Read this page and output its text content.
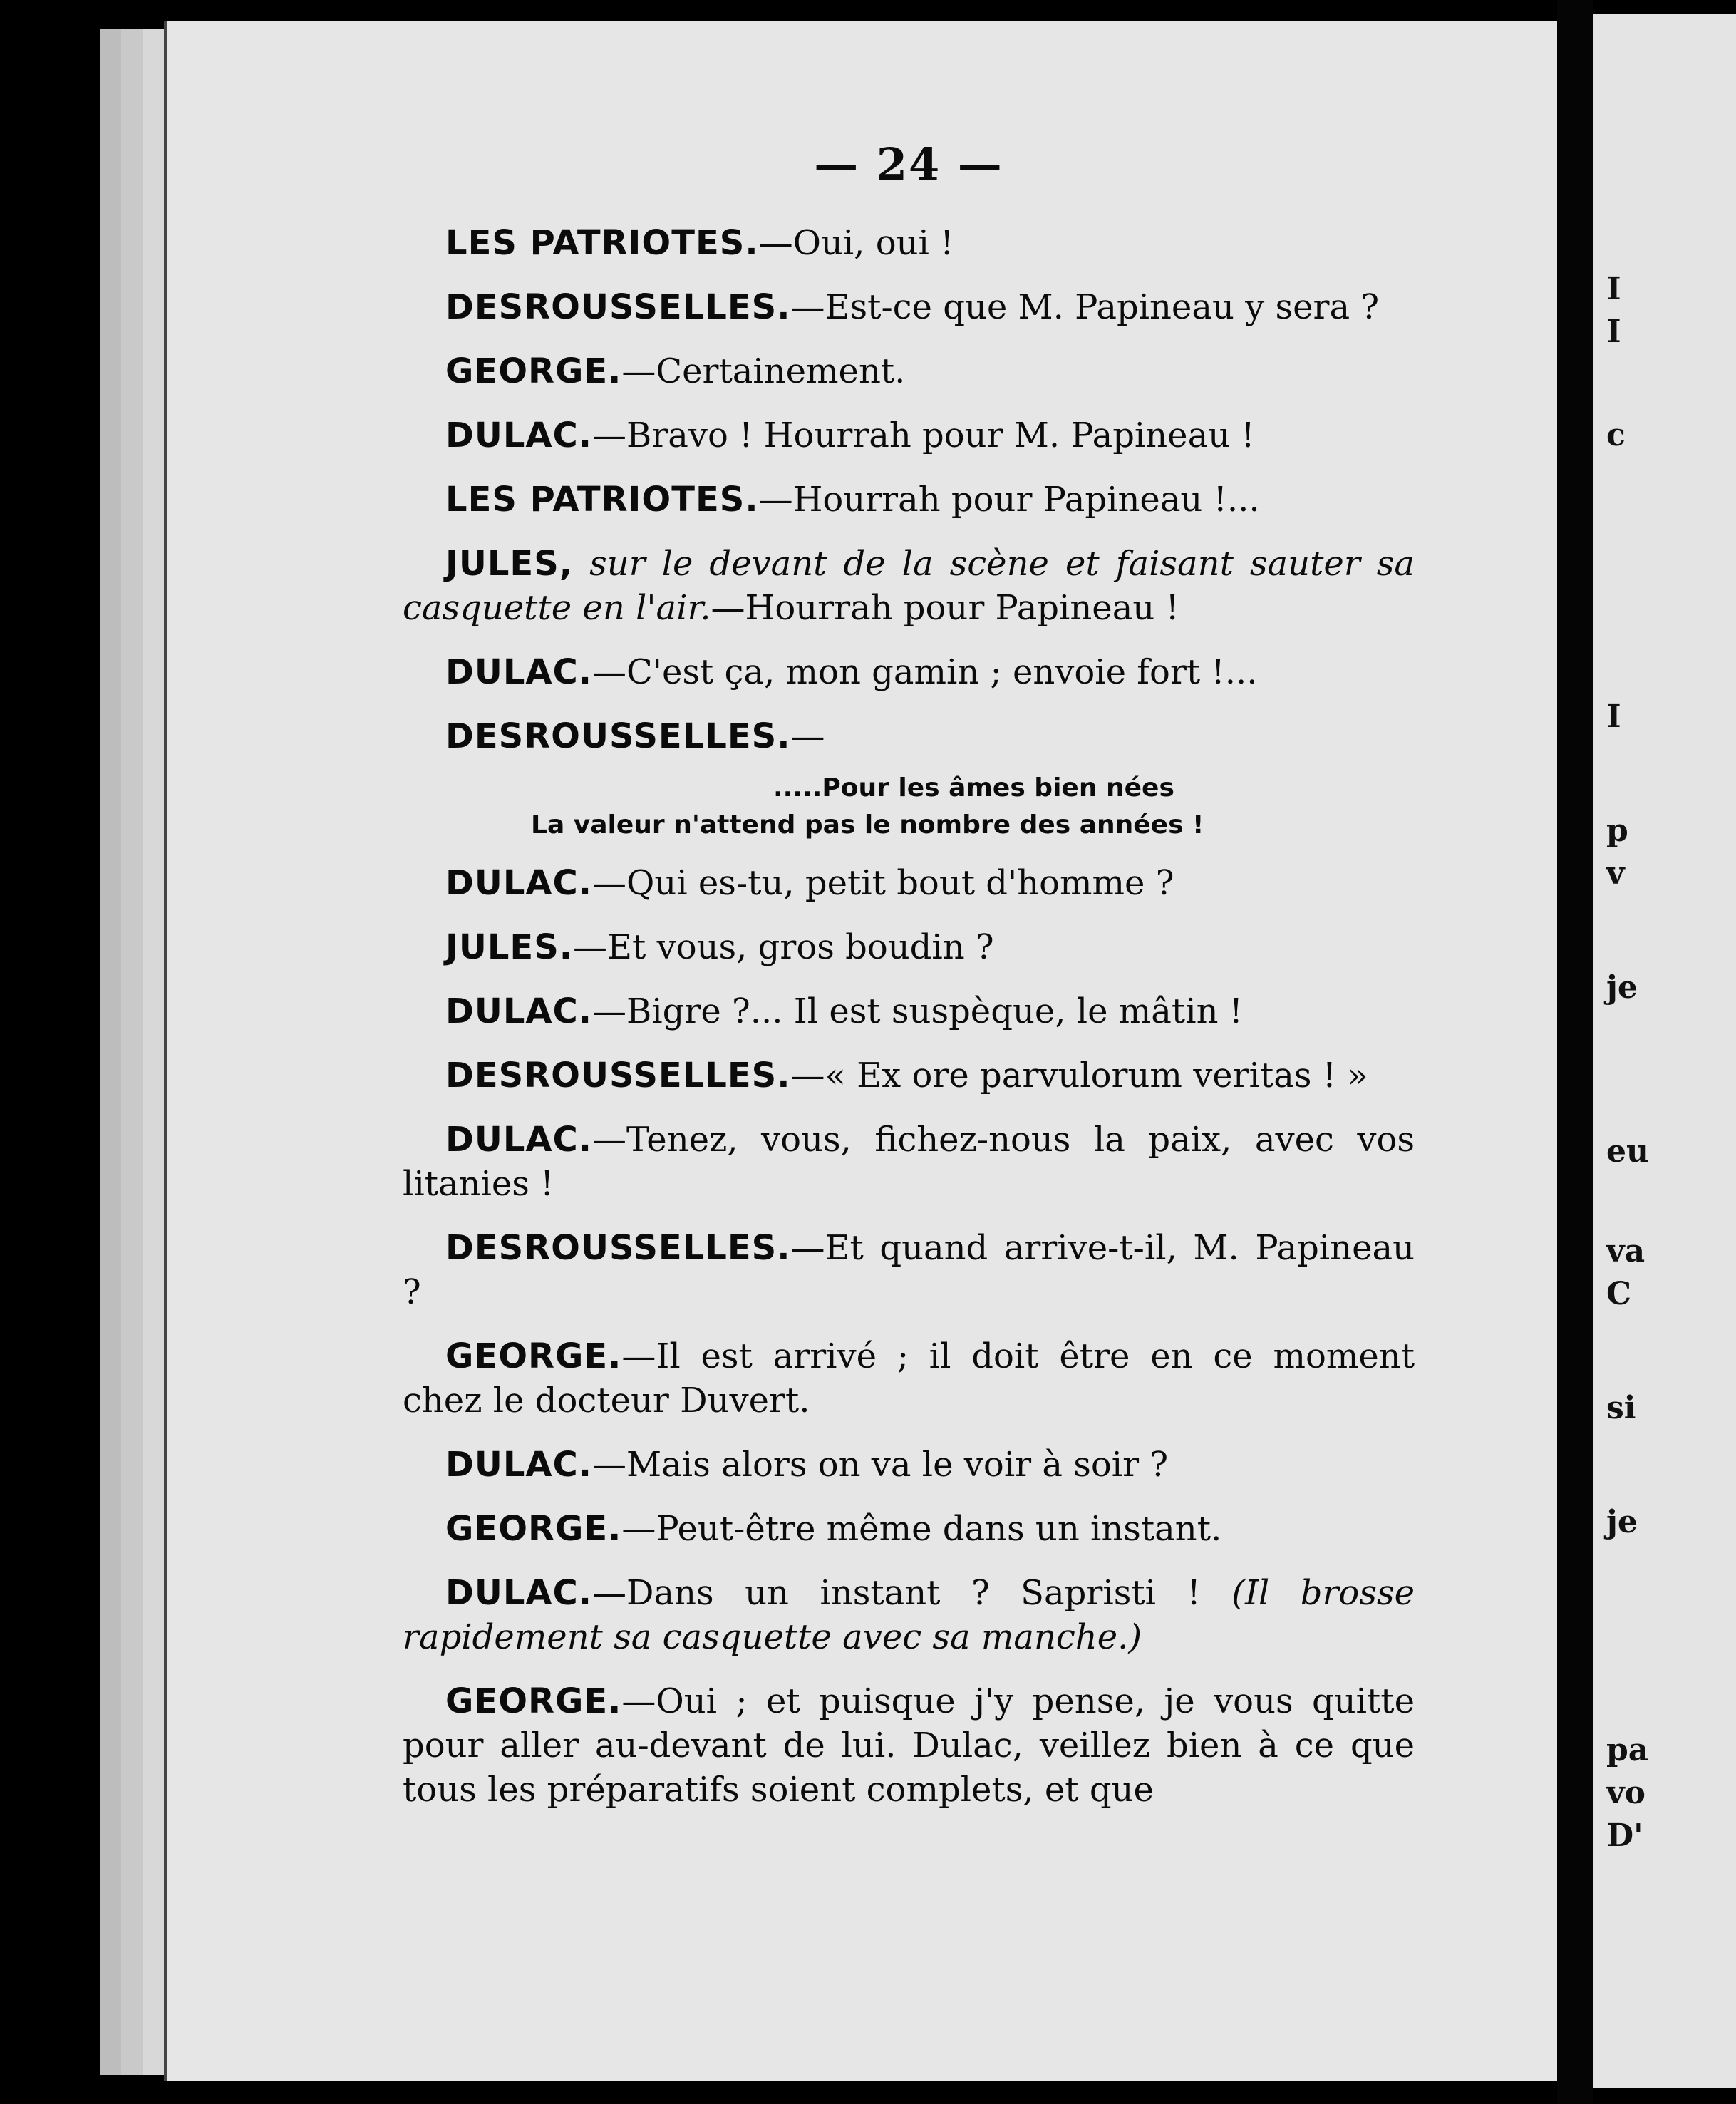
I
I
c
I
p
v
je
eu
va
C
si
je
pa
vo
D'
— 24 —

LES PATRIOTES.—Oui, oui !

DESROUSSELLES.—Est-ce que M. Papineau y sera ?

GEORGE.—Certainement.

DULAC.—Bravo ! Hourrah pour M. Papineau !

LES PATRIOTES.—Hourrah pour Papineau !...

JULES, sur le devant de la scène et faisant sauter sa casquette en l'air.—Hourrah pour Papineau !

DULAC.—C'est ça, mon gamin ; envoie fort !...

DESROUSSELLES.—

.....Pour les âmes bien nées
La valeur n'attend pas le nombre des années !

DULAC.—Qui es-tu, petit bout d'homme ?

JULES.—Et vous, gros boudin ?

DULAC.—Bigre ?... Il est suspèque, le mâtin !

DESROUSSELLES.—« Ex ore parvulorum veritas ! »

DULAC.—Tenez, vous, fichez-nous la paix, avec vos litanies !

DESROUSSELLES.—Et quand arrive-t-il, M. Papineau ?

GEORGE.—Il est arrivé ; il doit être en ce moment chez le docteur Duvert.

DULAC.—Mais alors on va le voir à soir ?

GEORGE.—Peut-être même dans un instant.

DULAC.—Dans un instant ? Sapristi ! (Il brosse rapidement sa casquette avec sa manche.)

GEORGE.—Oui ; et puisque j'y pense, je vous quitte pour aller au-devant de lui. Dulac, veillez bien à ce que tous les préparatifs soient complets, et que
